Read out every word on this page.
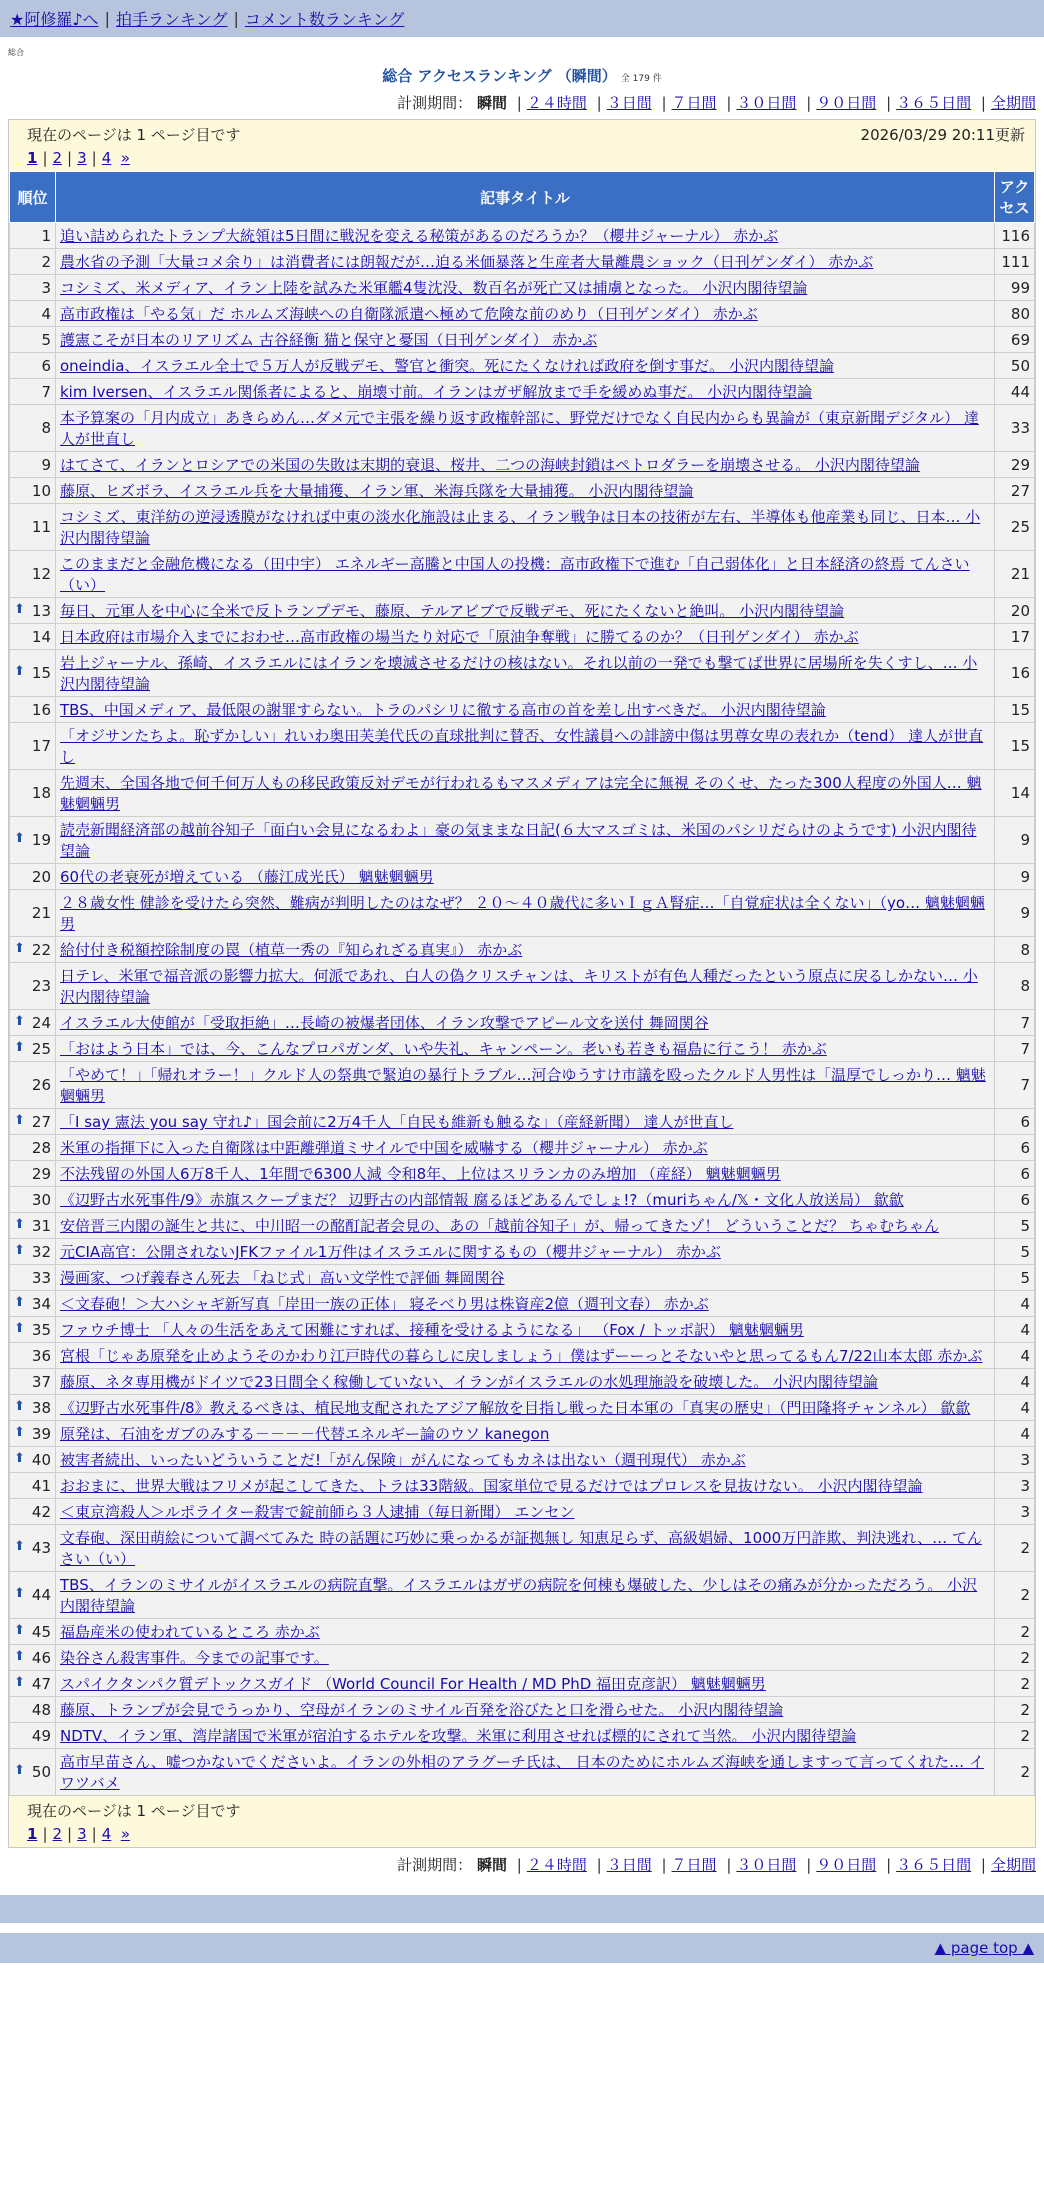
★阿修羅♪へ | 拍手ランキング | コメント数ランキング
総合
総合 アクセスランキング （瞬間） 全 179 件
計測期間： 瞬間 | ２４時間 | ３日間 | ７日間 | ３０日間 | ９０日間 | ３６５日間 | 全期間
現在のページは 1 ページ目です	2026/03/29 20:11更新
1 | 2 | 3 | 4 »
順位	記事タイトル	アクセス
1	追い詰められたトランプ大統領は5日間に戦況を変える秘策があるのだろうか？（櫻井ジャーナル） 赤かぶ	116
2	農水省の予測「大量コメ余り」は消費者には朗報だが…迫る米価暴落と生産者大量離農ショック（日刊ゲンダイ） 赤かぶ	111
3	コシミズ、米メディア、イラン上陸を試みた米軍艦4隻沈没、数百名が死亡又は捕虜となった。 小沢内閣待望論	99
4	高市政権は「やる気」だ ホルムズ海峡への自衛隊派遣へ極めて危険な前のめり（日刊ゲンダイ） 赤かぶ	80
5	護憲こそが日本のリアリズム 古谷経衡 猫と保守と憂国（日刊ゲンダイ） 赤かぶ	69
6	oneindia、イスラエル全土で５万人が反戦デモ、警官と衝突。死にたくなければ政府を倒す事だ。 小沢内閣待望論	50
7	kim Iversen、イスラエル関係者によると、崩壊寸前。イランはガザ解放まで手を緩めぬ事だ。 小沢内閣待望論	44
8	本予算案の「月内成立」あきらめん…ダメ元で主張を繰り返す政権幹部に、野党だけでなく自民内からも異論が（東京新聞デジタル） 達人が世直し	33
9	はてさて、イランとロシアでの米国の失敗は末期的衰退、桜井、二つの海峡封鎖はペトロダラーを崩壊させる。 小沢内閣待望論	29
10	藤原、ヒズボラ、イスラエル兵を大量捕獲、イラン軍、米海兵隊を大量捕獲。 小沢内閣待望論	27
11	コシミズ、東洋紡の逆浸透膜がなければ中東の淡水化施設は止まる、イラン戦争は日本の技術が左右、半導体も他産業も同じ、日本… 小沢内閣待望論	25
12	このままだと金融危機になる（田中宇） エネルギー高騰と中国人の投機：高市政権下で進む「自己弱体化」と日本経済の終焉 てんさい（い）	21

⬆ 13	毎日、元軍人を中心に全米で反トランプデモ、藤原、テルアビブで反戦デモ、死にたくないと絶叫。 小沢内閣待望論	20
14	日本政府は市場介入までにおわせ…高市政権の場当たり対応で「原油争奪戦」に勝てるのか？（日刊ゲンダイ） 赤かぶ	17

⬆ 15	岩上ジャーナル、孫崎、イスラエルにはイランを壊滅させるだけの核はない。それ以前の一発でも撃てば世界に居場所を失くすし、… 小沢内閣待望論	16
16	TBS、中国メディア、最低限の謝罪すらない。トラのパシリに徹する高市の首を差し出すべきだ。 小沢内閣待望論	15
17	「オジサンたちよ。恥ずかしい」れいわ奥田芙美代氏の直球批判に賛否、女性議員への誹謗中傷は男尊女卑の表れか（tend） 達人が世直し	15
18	先週末、全国各地で何千何万人もの移民政策反対デモが行われるもマスメディアは完全に無視 そのくせ、たった300人程度の外国人… 魑魅魍魎男	14

⬆ 19	読売新聞経済部の越前谷知子「面白い会見になるわよ」豪の気ままな日記(６大マスゴミは、米国のパシリだらけのようです) 小沢内閣待望論	9
20	60代の老衰死が増えている （藤江成光氏） 魑魅魍魎男	9
21	２８歳女性 健診を受けたら突然、難病が判明したのはなぜ？ ２０～４０歳代に多いＩｇＡ腎症…「自覚症状は全くない」（yo… 魑魅魍魎男	9

⬆ 22	給付付き税額控除制度の罠（植草一秀の『知られざる真実』） 赤かぶ	8
23	日テレ、米軍で福音派の影響力拡大。何派であれ、白人の偽クリスチャンは、キリストが有色人種だったという原点に戻るしかない… 小沢内閣待望論	8

⬆ 24	イスラエル大使館が「受取拒絶」…長崎の被爆者団体、イラン攻撃でアピール文を送付 舞岡関谷	7

⬆ 25	「おはよう日本」では、今、こんなプロパガンダ、いや失礼、キャンペーン。老いも若きも福島に行こう！ 赤かぶ	7
26	「やめて！」「帰れオラー！」クルド人の祭典で緊迫の暴行トラブル…河合ゆうすけ市議を殴ったクルド人男性は「温厚でしっかり… 魑魅魍魎男	7

⬆ 27	「I say 憲法 you say 守れ♪」国会前に2万4千人「自民も維新も触るな」（産経新聞） 達人が世直し	6
28	米軍の指揮下に入った自衛隊は中距離弾道ミサイルで中国を威嚇する（櫻井ジャーナル） 赤かぶ	6
29	不法残留の外国人6万8千人、1年間で6300人減 令和8年、上位はスリランカのみ増加 （産経） 魑魅魍魎男	6
30	《辺野古水死事件/9》赤旗スクープまだ？ 辺野古の内部情報 腐るほどあるんでしょ!?（muriちゃん/𝕏・文化人放送局） 歙歙	6

⬆ 31	安倍晋三内閣の誕生と共に、中川昭一の酩酊記者会見の、あの「越前谷知子」が、帰ってきたゾ！ どういうことだ？ ちゃむちゃん	5

⬆ 32	元CIA高官：公開されないJFKファイル1万件はイスラエルに関するもの（櫻井ジャーナル） 赤かぶ	5
33	漫画家、つげ義春さん死去 「ねじ式」高い文学性で評価 舞岡関谷	5

⬆ 34	＜文春砲！＞大ハシャギ新写真「岸田一族の正体」 寝そべり男は株資産2億（週刊文春） 赤かぶ	4

⬆ 35	ファウチ博士 「人々の生活をあえて困難にすれば、接種を受けるようになる」 （Fox / トッポ訳） 魑魅魍魎男	4
36	宮根「じゃあ原発を止めようそのかわり江戸時代の暮らしに戻しましょう」僕はずーーっとそないやと思ってるもん7/22山本太郎 赤かぶ	4
37	藤原、ネタ専用機がドイツで23日間全く稼働していない、イランがイスラエルの水処理施設を破壊した。 小沢内閣待望論	4

⬆ 38	《辺野古水死事件/8》教えるべきは、植民地支配されたアジア解放を目指し戦った日本軍の「真実の歴史」（門田隆将チャンネル） 歙歙	4

⬆ 39	原発は、石油をガブのみする－－－－代替エネルギー論のウソ kanegon	4

⬆ 40	被害者続出、いったいどういうことだ!「がん保険」がんになってもカネは出ない（週刊現代） 赤かぶ	3
41	おおまに、世界大戦はフリメが起こしてきた、トラは33階級。国家単位で見るだけではプロレスを見抜けない。 小沢内閣待望論	3
42	＜東京湾殺人＞ルポライター殺害で錠前師ら３人逮捕（毎日新聞） エンセン	3

⬆ 43	文春砲、深田萌絵について調べてみた 時の話題に巧妙に乗っかるが証拠無し 知恵足らず、高級娼婦、1000万円詐欺、判決逃れ、… てんさい（い）	2

⬆ 44	TBS、イランのミサイルがイスラエルの病院直撃。イスラエルはガザの病院を何棟も爆破した、少しはその痛みが分かっただろう。 小沢内閣待望論	2

⬆ 45	福島産米の使われているところ 赤かぶ	2

⬆ 46	染谷さん殺害事件。今までの記事です。	2

⬆ 47	スパイクタンパク質デトックスガイド （World Council For Health / MD PhD 福田克彦訳） 魑魅魍魎男	2
48	藤原、トランプが会見でうっかり、空母がイランのミサイル百発を浴びたと口を滑らせた。 小沢内閣待望論	2
49	NDTV、イラン軍、湾岸諸国で米軍が宿泊するホテルを攻撃。米軍に利用させれば標的にされて当然。 小沢内閣待望論	2

⬆ 50	高市早苗さん、嘘つかないでくださいよ。イランの外相のアラグーチ氏は、 日本のためにホルムズ海峡を通しますって言ってくれた… イワツバメ	2
現在のページは 1 ページ目です
1 | 2 | 3 | 4 »
計測期間： 瞬間 | ２４時間 | ３日間 | ７日間 | ３０日間 | ９０日間 | ３６５日間 | 全期間
▲ page top ▲
